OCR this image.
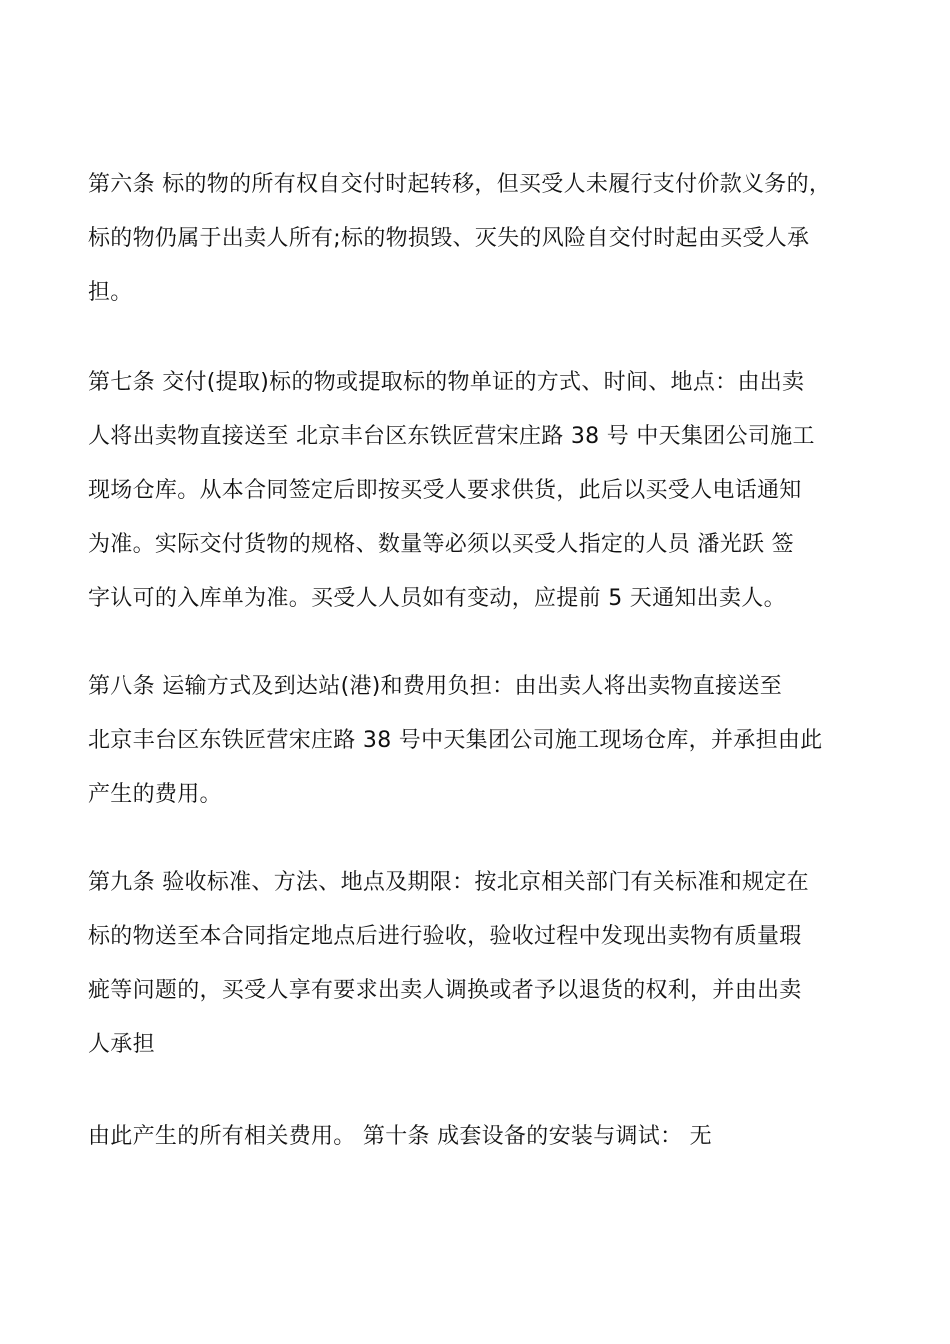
第六条 标的物的所有权自交付时起转移，但买受人未履行支付价款义务的，
标的物仍属于出卖人所有;标的物损毁、灭失的风险自交付时起由买受人承
担。
第七条 交付(提取)标的物或提取标的物单证的方式、时间、地点：由出卖
人将出卖物直接送至 北京丰台区东铁匠营宋庄路 38 号 中天集团公司施工
现场仓库。从本合同签定后即按买受人要求供货，此后以买受人电话通知
为准。实际交付货物的规格、数量等必须以买受人指定的人员 潘光跃 签
字认可的入库单为准。买受人人员如有变动，应提前 5 天通知出卖人。
第八条 运输方式及到达站(港)和费用负担：由出卖人将出卖物直接送至
北京丰台区东铁匠营宋庄路 38 号中天集团公司施工现场仓库，并承担由此
产生的费用。
第九条 验收标准、方法、地点及期限：按北京相关部门有关标准和规定在
标的物送至本合同指定地点后进行验收，验收过程中发现出卖物有质量瑕
疵等问题的，买受人享有要求出卖人调换或者予以退货的权利，并由出卖
人承担
由此产生的所有相关费用。 第十条 成套设备的安装与调试： 无
